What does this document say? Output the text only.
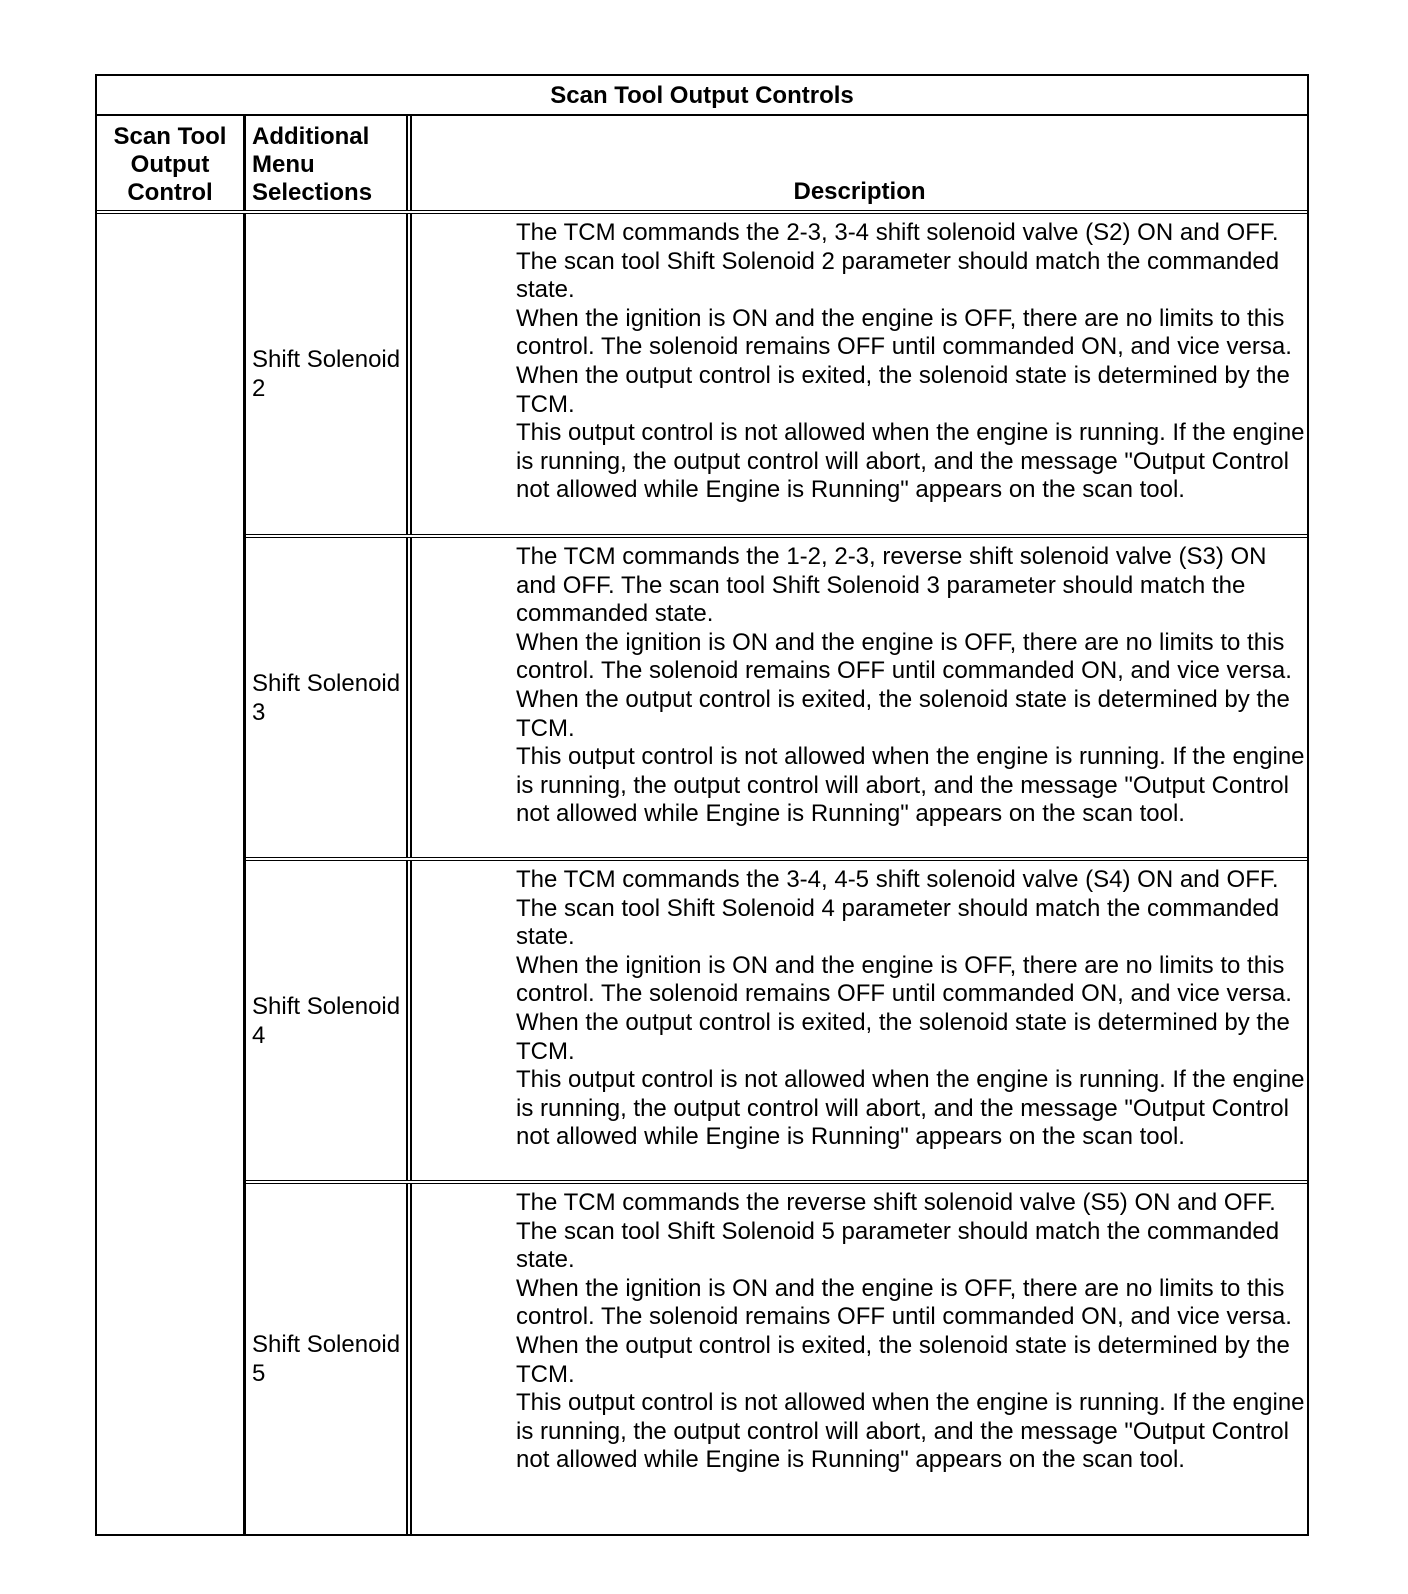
Scan Tool Output Controls
Scan Tool Output Control
Additional Menu Selections	Description
Shift Solenoid 2

The TCM commands the 2-3, 3-4 shift solenoid valve (S2) ON and OFF. The scan tool Shift Solenoid 2 parameter should match the commanded state.

When the ignition is ON and the engine is OFF, there are no limits to this control. The solenoid remains OFF until commanded ON, and vice versa. When the output control is exited, the solenoid state is determined by the TCM.

This output control is not allowed when the engine is running. If the engine is running, the output control will abort, and the message "Output Control not allowed while Engine is Running" appears on the scan tool.

Shift Solenoid 3

The TCM commands the 1-2, 2-3, reverse shift solenoid valve (S3) ON and OFF. The scan tool Shift Solenoid 3 parameter should match the commanded state.

When the ignition is ON and the engine is OFF, there are no limits to this control. The solenoid remains OFF until commanded ON, and vice versa. When the output control is exited, the solenoid state is determined by the TCM.

This output control is not allowed when the engine is running. If the engine is running, the output control will abort, and the message "Output Control not allowed while Engine is Running" appears on the scan tool.

Shift Solenoid 4

The TCM commands the 3-4, 4-5 shift solenoid valve (S4) ON and OFF. The scan tool Shift Solenoid 4 parameter should match the commanded state.

When the ignition is ON and the engine is OFF, there are no limits to this control. The solenoid remains OFF until commanded ON, and vice versa. When the output control is exited, the solenoid state is determined by the TCM.

This output control is not allowed when the engine is running. If the engine is running, the output control will abort, and the message "Output Control not allowed while Engine is Running" appears on the scan tool.

Shift Solenoid 5

The TCM commands the reverse shift solenoid valve (S5) ON and OFF. The scan tool Shift Solenoid 5 parameter should match the commanded state.

When the ignition is ON and the engine is OFF, there are no limits to this control. The solenoid remains OFF until commanded ON, and vice versa. When the output control is exited, the solenoid state is determined by the TCM.

This output control is not allowed when the engine is running. If the engine is running, the output control will abort, and the message "Output Control not allowed while Engine is Running" appears on the scan tool.
